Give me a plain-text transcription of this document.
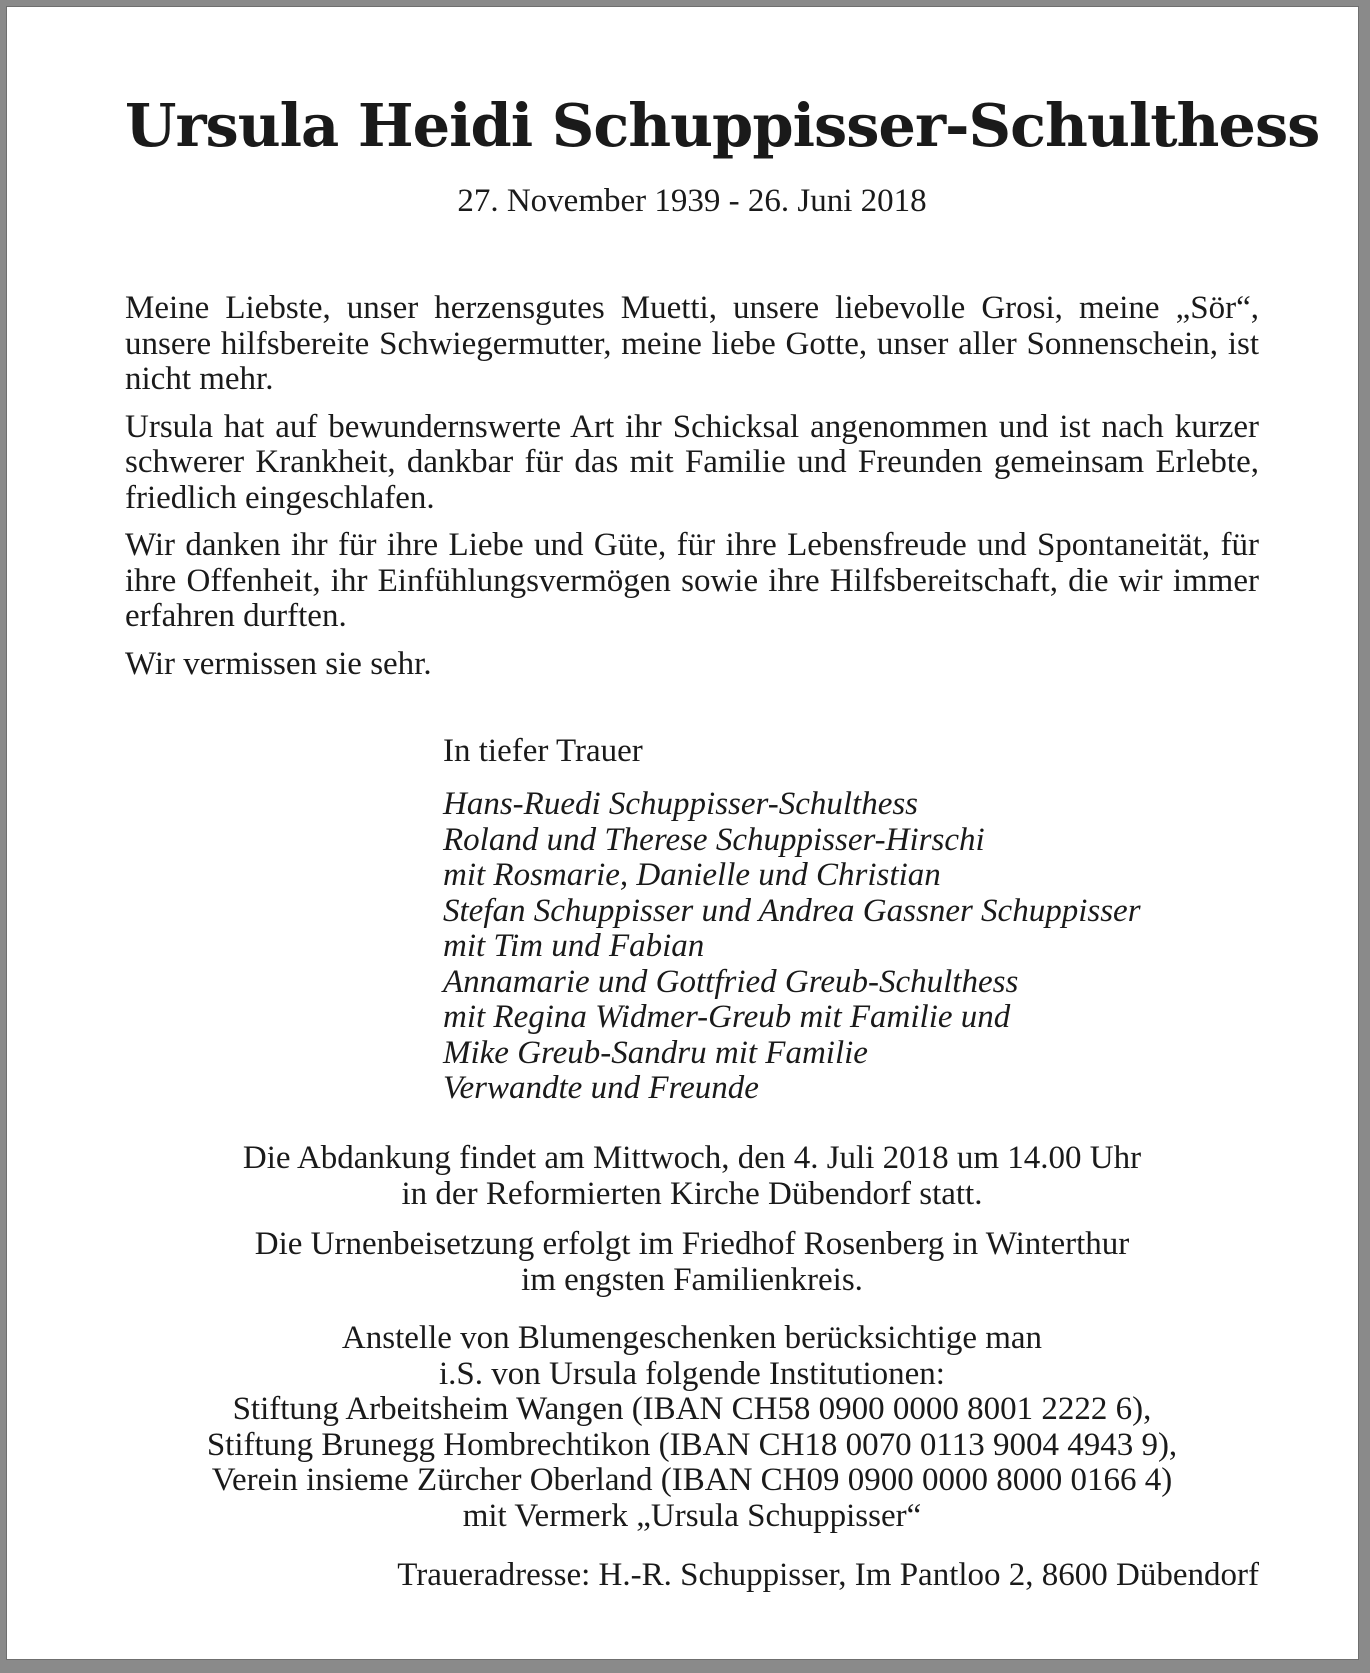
Ursula Heidi Schuppisser-Schulthess
27. November 1939 - 26. Juni 2018

Meine Liebste, unser herzensgutes Muetti, unsere liebevolle Grosi, meine „Sör“, unsere hilfsbereite Schwiegermutter, meine liebe Gotte, unser aller Sonnenschein, ist nicht mehr.

Ursula hat auf bewundernswerte Art ihr Schicksal angenommen und ist nach kurzer schwerer Krankheit, dankbar für das mit Familie und Freunden gemeinsam Erlebte, friedlich eingeschlafen.

Wir danken ihr für ihre Liebe und Güte, für ihre Lebensfreude und Spontaneität, für ihre Offenheit, ihr Einfühlungsvermögen sowie ihre Hilfsbereitschaft, die wir immer erfahren durften.

Wir vermissen sie sehr.

In tiefer Trauer
Hans-Ruedi Schuppisser-Schulthess
Roland und Therese Schuppisser-Hirschi
mit Rosmarie, Danielle und Christian
Stefan Schuppisser und Andrea Gassner Schuppisser
mit Tim und Fabian
Annamarie und Gottfried Greub-Schulthess
mit Regina Widmer-Greub mit Familie und
Mike Greub-Sandru mit Familie
Verwandte und Freunde
Die Abdankung findet am Mittwoch, den 4. Juli 2018 um 14.00 Uhr
in der Reformierten Kirche Dübendorf statt.
Die Urnenbeisetzung erfolgt im Friedhof Rosenberg in Winterthur
im engsten Familienkreis.
Anstelle von Blumengeschenken berücksichtige man
i.S. von Ursula folgende Institutionen:
Stiftung Arbeitsheim Wangen (IBAN CH58 0900 0000 8001 2222 6),
Stiftung Brunegg Hombrechtikon (IBAN CH18 0070 0113 9004 4943 9),
Verein insieme Zürcher Oberland (IBAN CH09 0900 0000 8000 0166 4)
mit Vermerk „Ursula Schuppisser“
Traueradresse: H.-R. Schuppisser, Im Pantloo 2, 8600 Dübendorf
